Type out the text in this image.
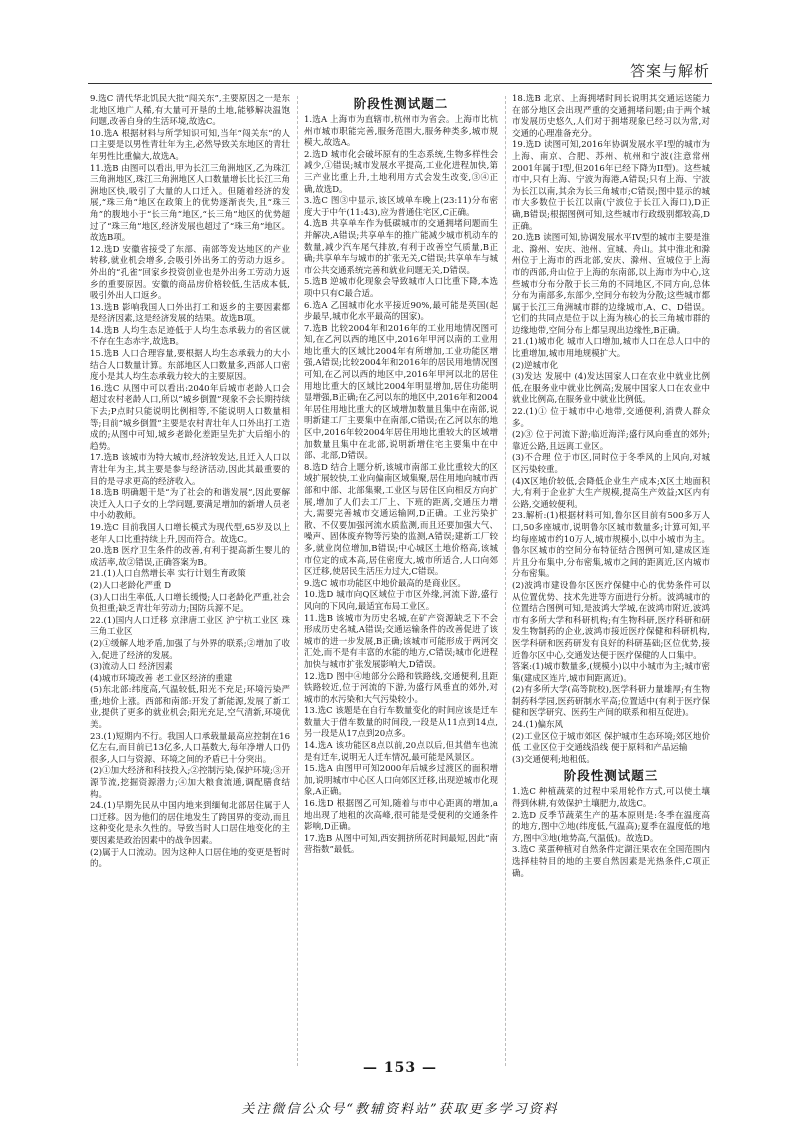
答案与解析

9.选C 清代华北饥民大批“闯关东”,主要原因之一是东北地区地广人稀,有大量可开垦的土地,能够解决温饱问题,改善自身的生活环境,故选C。

10.选A 根据材料与所学知识可知,当年“闯关东”的人口主要是以男性青壮年为主,必然导致关东地区的青壮年男性比重偏大,故选A。

11.选B 由图可以看出,甲为长江三角洲地区,乙为珠江三角洲地区,珠江三角洲地区人口数量增长比长江三角洲地区快,吸引了大量的人口迁入。但随着经济的发展,“珠三角”地区在政策上的优势逐渐丧失,且“珠三角”的腹地小于“长三角”地区,“长三角”地区的优势超过了“珠三角”地区,经济发展也超过了“珠三角”地区。故选B项。

12.选D 安徽省接受了东部、南部等发达地区的产业转移,就业机会增多,会吸引外出务工的劳动力返乡。外出的“孔雀”回家乡投资创业也是外出务工劳动力返乡的重要原因。安徽的商品房价格较低,生活成本低,吸引外出人口返乡。

13.选B 影响我国人口外出打工和返乡的主要因素都是经济因素,这是经济发展的结果。故选B项。

14.选B 人均生态足迹低于人均生态承载力的省区就不存在生态赤字,故选B。

15.选B 人口合理容量,要根据人均生态承载力的大小结合人口数量计算。东部地区人口数量多,西部人口密度小是其人均生态承载力较大的主要原因。

16.选C 从图中可以看出:2040年后城市老龄人口会超过农村老龄人口,所以“城乡倒置”现象不会长期持续下去;P点时只能说明比例相等,不能说明人口数量相等;目前“城乡倒置”主要是农村青壮年人口外出打工造成的;从图中可知,城乡老龄化差距呈先扩大后缩小的趋势。

17.选B 该城市为特大城市,经济较发达,且迁入人口以青壮年为主,其主要是参与经济活动,因此其最重要的目的是寻求更高的经济收入。

18.选B 明确题干是“为了社会的和谐发展”,因此要解决迁入人口子女的上学问题,要满足增加的新增人员老中小幼教师。

19.选C 目前我国人口增长模式为现代型,65岁及以上老年人口比重持续上升,因而符合。故选C。

20.选B 医疗卫生条件的改善,有利于提高新生婴儿的成活率,故②错误,正确答案为B。

21.(1)人口自然增长率 实行计划生育政策

(2)人口老龄化严重 D

(3)人口出生率低,人口增长缓慢;人口老龄化严重,社会负担重;缺乏青壮年劳动力;国防兵源不足。

22.(1)国内人口迁移 京津唐工业区 沪宁杭工业区 珠三角工业区

(2)①缓解人地矛盾,加强了与外界的联系;②增加了收入,促进了经济的发展。

(3)流动人口 经济因素

(4)城市环境改善 老工业区经济的重建

(5)东北部:纬度高,气温较低,阳光不充足;环境污染严重;地价上涨。西部和南部:开发了新能源,发展了新工业,提供了更多的就业机会;阳光充足,空气清新,环境优美。

23.(1)短期内不行。我国人口承载量最高应控制在16亿左右,而目前已13亿多,人口基数大,每年净增人口仍很多,人口与资源、环境之间的矛盾已十分突出。

(2)①加大经济和科技投入;②控制污染,保护环境;③开源节流,挖掘资源潜力;④加大粮食流通,调配膳食结构。

24.(1)早期先民从中国内地来到缅甸北部居住属于人口迁移。因为他们的居住地发生了跨国界的变动,而且这种变化是永久性的。导致当时人口居住地变化的主要因素是政治因素中的战争因素。

(2)属于人口流动。因为这种人口居住地的变更是暂时的。

阶段性测试题二

1.选A 上海市为直辖市,杭州市为省会。上海市比杭州市城市职能完善,服务范围大,服务种类多,城市规模大,故选A。

2.选D 城市化会破坏原有的生态系统,生物多样性会减少,①错误;城市发展水平提高,工业化进程加快,第三产业比重上升,土地利用方式会发生改变,③④正确,故选D。

3.选C 图③中显示,该区域单车晚上(23:11)分布密度大于中午(11:43),应为普通住宅区,C正确。

4.选B 共享单车作为低碳城市的交通拥堵问题而生并解决,A错误;共享单车的推广能减少城市机动车的数量,减少汽车尾气排放,有利于改善空气质量,B正确;共享单车与城市的扩张无关,C错误;共享单车与城市公共交通系统完善和就业问题无关,D错误。

5.选B 逆城市化现象会导致城市人口比重下降,本选项中只有C最合适。

6.选A 乙国城市化水平接近90%,最可能是英国(起步最早,城市化水平最高的国家)。

7.选B 比较2004年和2016年的工业用地情况图可知,在乙河以西的地区中,2016年甲河以南的工业用地比重大的区域比2004年有所增加,工业功能区增强,A错误;比较2004年和2016年的居民用地情况图可知,在乙河以西的地区中,2016年甲河以北的居住用地比重大的区域比2004年明显增加,居住功能明显增强,B正确;在乙河以东的地区中,2016年和2004年居住用地比重大的区域增加数量且集中在南部,说明新建工厂主要集中在南部,C错误;在乙河以东的地区中,2016年较2004年居住用地比重较大的区域增加数量且集中在北部,说明新增住宅主要集中在中部、北部,D错误。

8.选D 结合上题分析,该城市南部工业比重较大的区域扩展较快,工业向偏南区域集聚,居住用地向城市西部和中部、北部集聚,工业区与居住区向相反方向扩展,增加了人们去工厂上、下班的距离,交通压力增大,需要完善城市交通运输网,D正确。工业污染扩散、不仅要加强河流水质监测,而且还要加强大气、噪声、固体废弃物等污染的监测,A错误;建新工厂较多,就业岗位增加,B错误;中心城区土地价格高,该城市位定的成本高,居住密度大,城市所适合,人口向郊区迁移,使居民生活压力过大,C错误。

9.选C 城市功能区中地价最高的是商业区。

10.选D 城市向Q区域位于市区外缘,河流下游,盛行风向的下风向,最适宜布局工业区。

11.选B 该城市为历史名城,在矿产资源缺乏下不会形成历史名城,A错误;交通运输条件的改善促进了该城市的进一步发展,B正确;该城市可能形成于两河交汇处,而不是有丰富的水能的地方,C错误;城市化进程加快与城市扩张发展影响大,D错误。

12.选D 图中④地部分公路和铁路线,交通便利,且距铁路较近,位于河流的下游,为盛行风垂直的郊外,对城市的水污染和大气污染较小。

13.选C 该题是在自行车数量变化的时间应该是迁车数量大于借车数量的时间段,一段是从11点到14点,另一段是从17点到20点多。

14.选A 该功能区8点以前,20点以后,但其借车也流是有迁车,说明无人迁车情况,最可能是风景区。

15.选A 由图甲可知2000年后城乡过渡区的面积增加,说明城市中心区人口向郊区迁移,出现逆城市化现象,A正确。

16.选D 根据图乙可知,随着与市中心距离的增加,a地出现了地租的次高峰,很可能是受便利的交通条件影响,D正确。

17.选B 从图中可知,西安拥挤所花时间最短,因此“南营指数”最低。

18.选B 北京、上海拥堵时间长说明其交通运送能力在部分地区会出现严重的交通拥堵问题;由于两个城市发展历史悠久,人们对于拥堵现象已经习以为常,对交通的心理准备充分。

19.选D 读图可知,2016年协调发展水平I型的城市为上海、南京、合肥、苏州、杭州和宁波(注意常州2001年属于I型,但2016年已经下降为II型)。这些城市中,只有上海、宁波为海港,A错误;只有上海、宁波为长江以南,其余为长三角城市;C错误;图中显示的城市大多数位于长江以南(宁波位于长江入海口),D正确,B错误;根据图例可知,这些城市行政级别都较高,D正确。

20.选B 读图可知,协调发展水平IV型的城市主要是淮北、滁州、安庆、池州、宣城、舟山。其中淮北和滁州位于上海市的西北部,安庆、滁州、宣城位于上海市的西部,舟山位于上海的东南部,以上海市为中心,这些城市分布分散于长三角的不同地区,不同方向,总体分布为南部多,东部少,空间分布较为分散;这些城市都属于长江三角洲城市群的边缘城市,A、C、D错误。它们的共同点是位于以上海为核心的长三角城市群的边缘地带,空间分布上都呈现出边缘性,B正确。

21.(1)城市化 城市人口增加,城市人口在总人口中的比重增加,城市用地规模扩大。

(2)逆城市化

(3)发达 发展中 (4)发达国家人口在农业中就业比例低,在服务业中就业比例高;发展中国家人口在农业中就业比例高,在服务业中就业比例低。

22.(1)① 位于城市中心地带,交通便利,消费人群众多。

(2)③ 位于河流下游;临近海洋;盛行风向垂直的郊外;靠近公路,且远离工业区。

(3)不合理 位于市区,同时位于冬季风的上风向,对城区污染较重。

(4)X区地价较低,会降低企业生产成本;X区土地面积大,有利于企业扩大生产规模,提高生产效益;X区内有公路,交通较便利。

23.解析:(1)根据材料可知,鲁尔区目前有500多万人口,50多座城市,说明鲁尔区城市数量多;计算可知,平均每座城市约10万人,城市规模小,以中小城市为主。鲁尔区城市的空间分布特征结合图例可知,建成区连片且分布集中,分布密集,城市之间的距离近,区内城市分布密集。

(2)波鸿市建设鲁尔区医疗保健中心的优势条件可以从位置优势、技术先进等方面进行分析。波鸿城市的位置结合图例可知,是波鸿大学城,在波鸿市附近,波鸿市有多所大学和科研机构;有生物科研,医疗科研和研发生物制药的企业,波鸿市接近医疗保健和科研机构,医学科研和医药研发有良好的科研基础;区位优势,接近鲁尔区中心,交通发达便于医疗保健的人口集中。

答案:(1)城市数量多,(规模小)以中小城市为主;城市密集(建成区连片,城市间距离近)。

(2)有多所大学(高等院校),医学科研力量雄厚;有生物制药科学园,医药研制水平高;位置适中(有利于医疗保健和医学研究、医药生产间的联系和相互促进)。

24.(1)偏东风

(2)工业区位于城市郊区 保护城市生态环境;郊区地价低 工业区位于交通线沿线 便于原料和产品运输

(3)交通便利;地租低。

阶段性测试题三

1.选C 种植蔬菜的过程中采用轮作方式,可以使土壤得到休耕,有效保护土壤肥力,故选C。

2.选D 反季节蔬菜生产的基本原则是:冬季在温度高的地方,图中⑦地(纬度低,气温高);夏季在温度低的地方,图中③地(地势高,气温低)。故选D。

3.选C 菜蛋种植对自然条件定湖汪果农在全国范围内选择桂特目的地的主要自然因素是光热条件,C项正确。

— 153 —
关注微信公众号“教辅资料站”获取更多学习资料
